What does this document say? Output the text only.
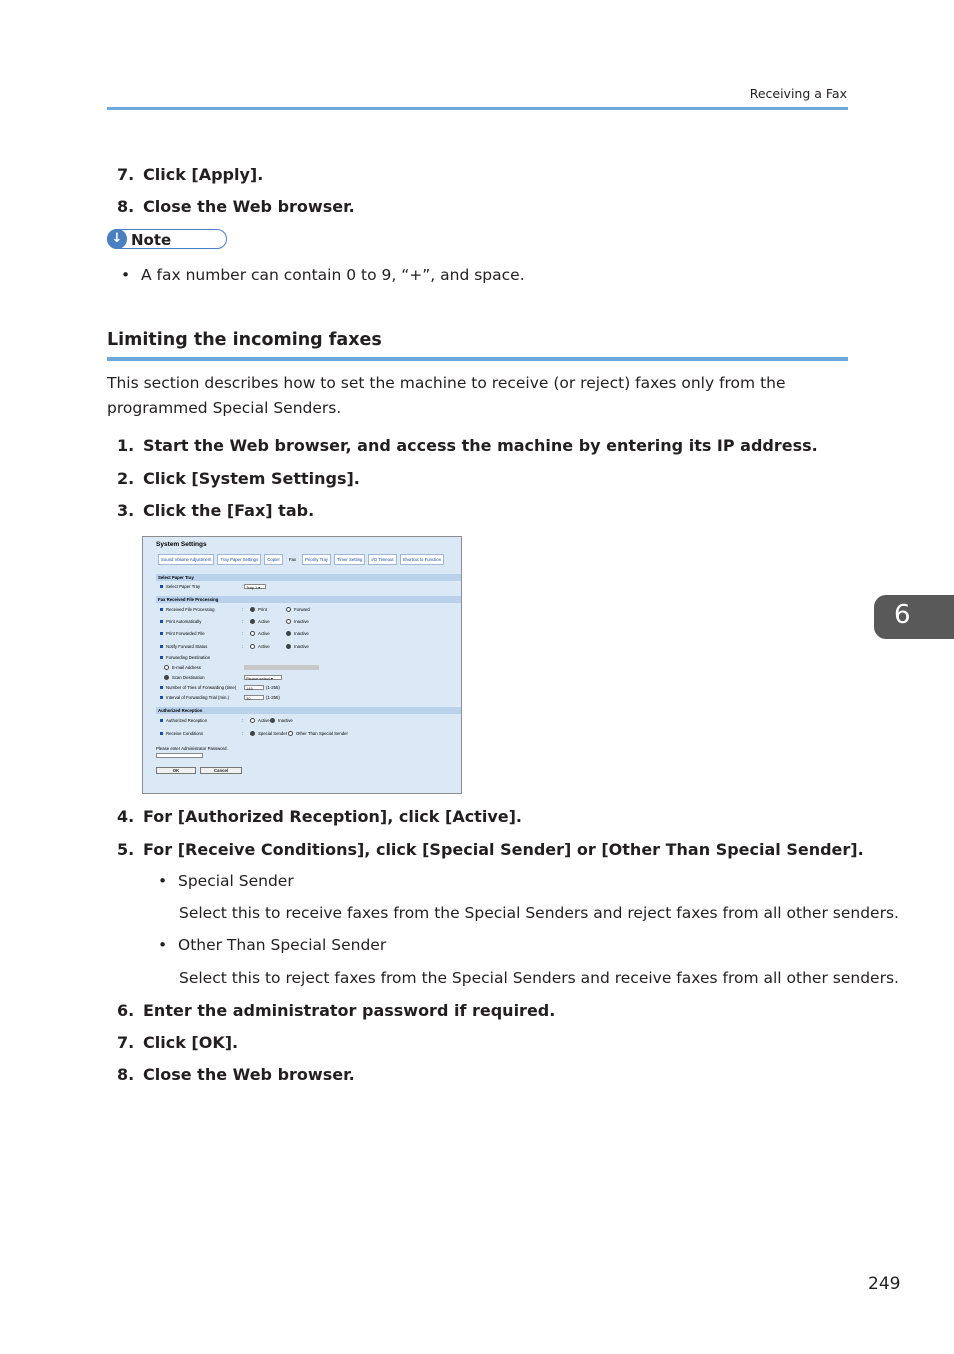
Receiving a Fax
7. Click [Apply].
8. Close the Web browser.
↓ Note
• A fax number can contain 0 to 9, “+”, and space.
Limiting the incoming faxes
This section describes how to set the machine to receive (or reject) faxes only from the programmed Special Senders.
1. Start the Web browser, and access the machine by entering its IP address.
2. Click [System Settings].
3. Click the [Fax] tab.
System Settings
Sound Volume Adjustment	Tray Paper Settings	Copier	Fax	Priority Tray	Timer Setting	I/O Timeout	Shortcut to Function
Select Paper Tray
Select Paper Tray	: Tray 1 ▾
Fax Received File Processing
Received File Processing	:	Print	Forward
Print Automatically	:	Active	Inactive
Print Forwarded File	:	Active	Inactive
Notify Forward Status	:	Active	Inactive
Forwarding Destination
E-mail Address
Scan Destination	Please select ▾
Number of Tries of Forwarding (time)	145	(1-255)
Interval of Forwarding Trial (min.)	30	(1-255)
Authorized Reception
Authorized Reception	:	Active	Inactive
Receive Conditions	:	Special Sender	Other Than Special Sender
Please enter Administrator Password.
OK	Cancel
4. For [Authorized Reception], click [Active].
5. For [Receive Conditions], click [Special Sender] or [Other Than Special Sender].
• Special Sender
Select this to receive faxes from the Special Senders and reject faxes from all other senders.
• Other Than Special Sender
Select this to reject faxes from the Special Senders and receive faxes from all other senders.
6. Enter the administrator password if required.
7. Click [OK].
8. Close the Web browser.
6
249
